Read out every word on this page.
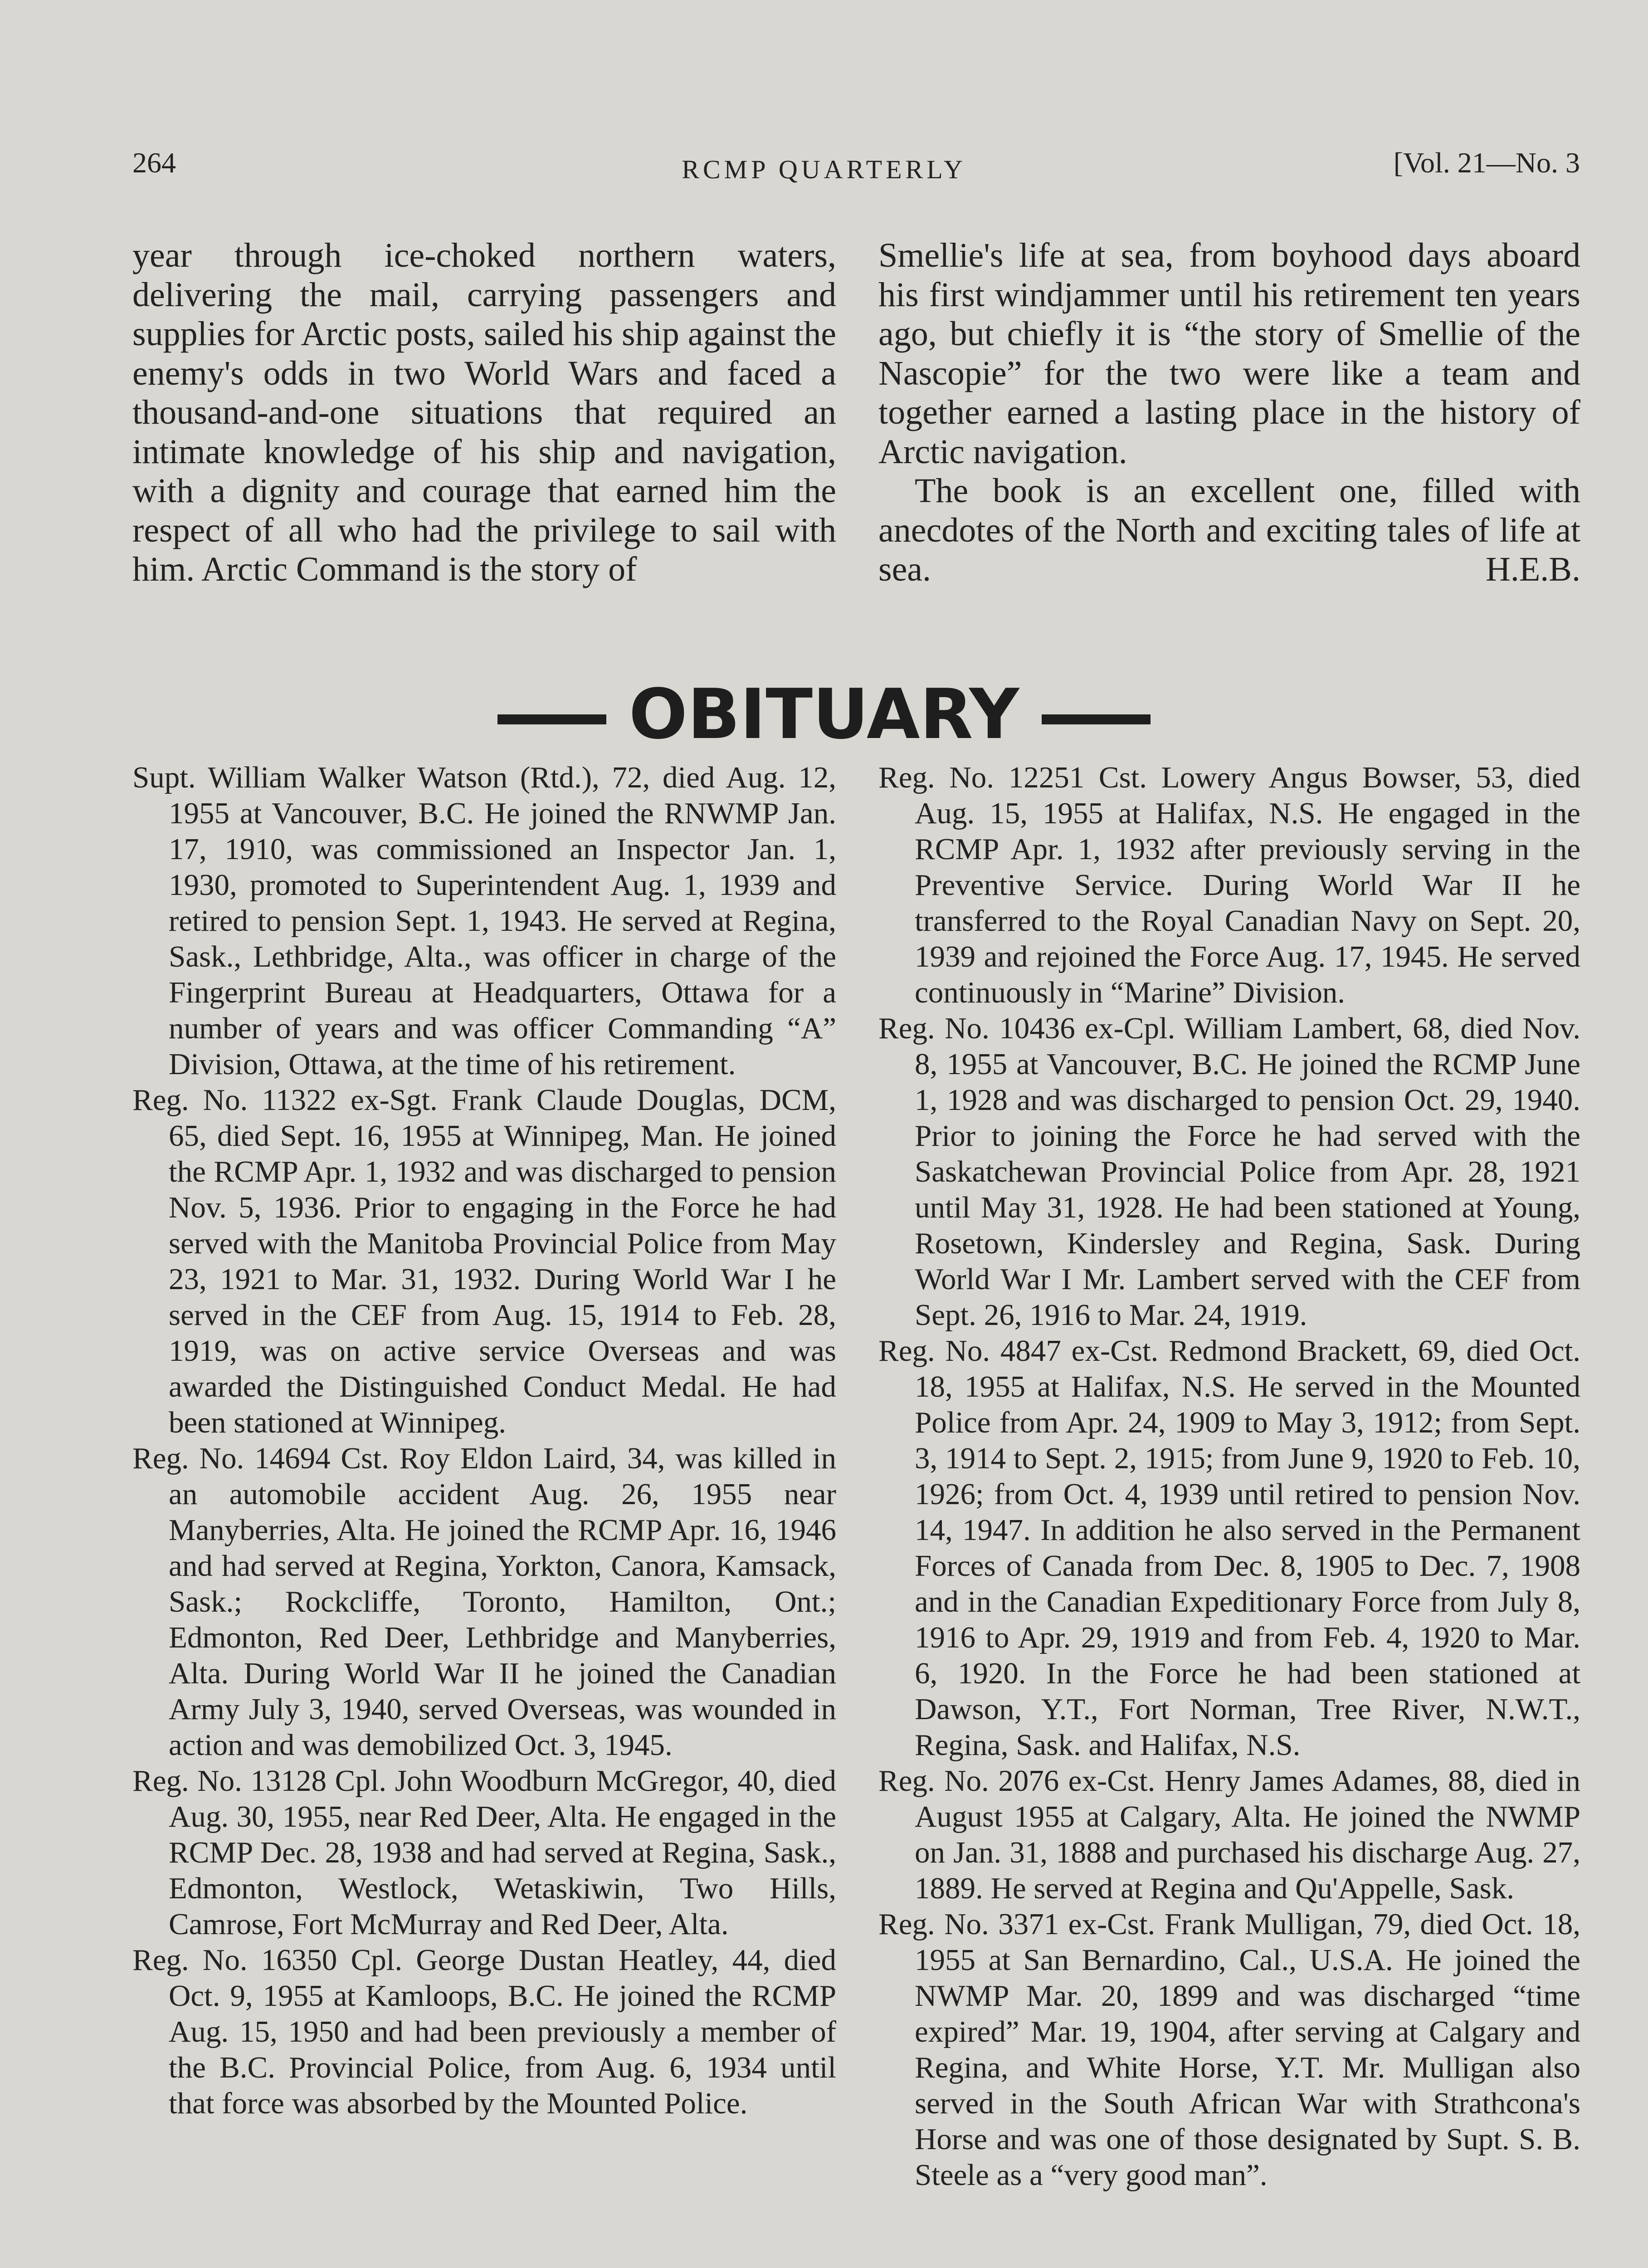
264	RCMP QUARTERLY	[Vol. 21—No. 3

year through ice-choked northern waters, delivering the mail, carrying passengers and supplies for Arctic posts, sailed his ship against the enemy's odds in two World Wars and faced a thousand-and-one situations that required an intimate knowledge of his ship and navigation, with a dignity and courage that earned him the respect of all who had the privilege to sail with him. Arctic Command is the story of

Smellie's life at sea, from boyhood days aboard his first windjammer until his retirement ten years ago, but chiefly it is “the story of Smellie of the Nascopie” for the two were like a team and together earned a lasting place in the history of Arctic navigation.

The book is an excellent one, filled with anecdotes of the North and exciting tales of life at sea.	H.E.B.

OBITUARY

Supt. William Walker Watson (Rtd.), 72, died Aug. 12, 1955 at Vancouver, B.C. He joined the RNWMP Jan. 17, 1910, was commissioned an Inspector Jan. 1, 1930, promoted to Superintendent Aug. 1, 1939 and retired to pension Sept. 1, 1943. He served at Regina, Sask., Lethbridge, Alta., was officer in charge of the Fingerprint Bureau at Headquarters, Ottawa for a number of years and was officer Commanding “A” Division, Ottawa, at the time of his retirement.

Reg. No. 11322 ex-Sgt. Frank Claude Douglas, DCM, 65, died Sept. 16, 1955 at Winnipeg, Man. He joined the RCMP Apr. 1, 1932 and was discharged to pension Nov. 5, 1936. Prior to engaging in the Force he had served with the Manitoba Provincial Police from May 23, 1921 to Mar. 31, 1932. During World War I he served in the CEF from Aug. 15, 1914 to Feb. 28, 1919, was on active service Overseas and was awarded the Distinguished Conduct Medal. He had been stationed at Winnipeg.

Reg. No. 14694 Cst. Roy Eldon Laird, 34, was killed in an automobile accident Aug. 26, 1955 near Manyberries, Alta. He joined the RCMP Apr. 16, 1946 and had served at Regina, Yorkton, Canora, Kamsack, Sask.; Rockcliffe, Toronto, Hamilton, Ont.; Edmonton, Red Deer, Lethbridge and Manyberries, Alta. During World War II he joined the Canadian Army July 3, 1940, served Overseas, was wounded in action and was demobilized Oct. 3, 1945.

Reg. No. 13128 Cpl. John Woodburn McGregor, 40, died Aug. 30, 1955, near Red Deer, Alta. He engaged in the RCMP Dec. 28, 1938 and had served at Regina, Sask., Edmonton, Westlock, Wetaskiwin, Two Hills, Camrose, Fort McMurray and Red Deer, Alta.

Reg. No. 16350 Cpl. George Dustan Heatley, 44, died Oct. 9, 1955 at Kamloops, B.C. He joined the RCMP Aug. 15, 1950 and had been previously a member of the B.C. Provincial Police, from Aug. 6, 1934 until that force was absorbed by the Mounted Police.

Reg. No. 12251 Cst. Lowery Angus Bowser, 53, died Aug. 15, 1955 at Halifax, N.S. He engaged in the RCMP Apr. 1, 1932 after previously serving in the Preventive Service. During World War II he transferred to the Royal Canadian Navy on Sept. 20, 1939 and rejoined the Force Aug. 17, 1945. He served continuously in “Marine” Division.

Reg. No. 10436 ex-Cpl. William Lambert, 68, died Nov. 8, 1955 at Vancouver, B.C. He joined the RCMP June 1, 1928 and was discharged to pension Oct. 29, 1940. Prior to joining the Force he had served with the Saskatchewan Provincial Police from Apr. 28, 1921 until May 31, 1928. He had been stationed at Young, Rosetown, Kindersley and Regina, Sask. During World War I Mr. Lambert served with the CEF from Sept. 26, 1916 to Mar. 24, 1919.

Reg. No. 4847 ex-Cst. Redmond Brackett, 69, died Oct. 18, 1955 at Halifax, N.S. He served in the Mounted Police from Apr. 24, 1909 to May 3, 1912; from Sept. 3, 1914 to Sept. 2, 1915; from June 9, 1920 to Feb. 10, 1926; from Oct. 4, 1939 until retired to pension Nov. 14, 1947. In addition he also served in the Permanent Forces of Canada from Dec. 8, 1905 to Dec. 7, 1908 and in the Canadian Expeditionary Force from July 8, 1916 to Apr. 29, 1919 and from Feb. 4, 1920 to Mar. 6, 1920. In the Force he had been stationed at Dawson, Y.T., Fort Norman, Tree River, N.W.T., Regina, Sask. and Halifax, N.S.

Reg. No. 2076 ex-Cst. Henry James Adames, 88, died in August 1955 at Calgary, Alta. He joined the NWMP on Jan. 31, 1888 and purchased his discharge Aug. 27, 1889. He served at Regina and Qu'Appelle, Sask.

Reg. No. 3371 ex-Cst. Frank Mulligan, 79, died Oct. 18, 1955 at San Bernardino, Cal., U.S.A. He joined the NWMP Mar. 20, 1899 and was discharged “time expired” Mar. 19, 1904, after serving at Calgary and Regina, and White Horse, Y.T. Mr. Mulligan also served in the South African War with Strathcona's Horse and was one of those designated by Supt. S. B. Steele as a “very good man”.
